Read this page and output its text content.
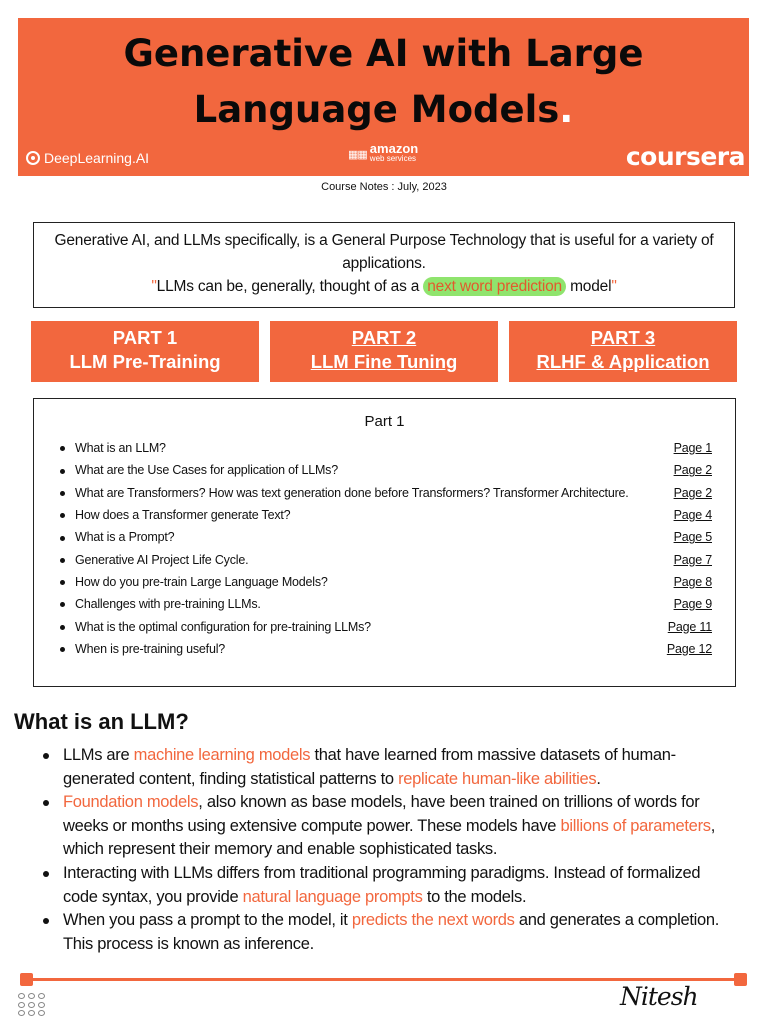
Generative AI with Large
Language Models.
DeepLearning.AI	▦▦ amazon
web services	coursera
Course Notes : July, 2023
Generative AI, and LLMs specifically, is a General Purpose Technology that is useful for a variety of applications.
"LLMs can be, generally, thought of as a next word prediction model"
PART 1
LLM Pre-Training
PART 2
LLM Fine Tuning
PART 3
RLHF & Application
Part 1
What is an LLM?	Page 1
What are the Use Cases for application of LLMs?	Page 2
What are Transformers? How was text generation done before Transformers? Transformer Architecture.	Page 2
How does a Transformer generate Text?	Page 4
What is a Prompt?	Page 5
Generative AI Project Life Cycle.	Page 7
How do you pre-train Large Language Models?	Page 8
Challenges with pre-training LLMs.	Page 9
What is the optimal configuration for pre-training LLMs?	Page 11
When is pre-training useful?	Page 12
What is an LLM?
LLMs are machine learning models that have learned from massive datasets of human-generated content, finding statistical patterns to replicate human-like abilities.
Foundation models, also known as base models, have been trained on trillions of words for weeks or months using extensive compute power. These models have billions of parameters, which represent their memory and enable sophisticated tasks.
Interacting with LLMs differs from traditional programming paradigms. Instead of formalized code syntax, you provide natural language prompts to the models.
When you pass a prompt to the model, it predicts the next words and generates a completion. This process is known as inference.
Nitesh
